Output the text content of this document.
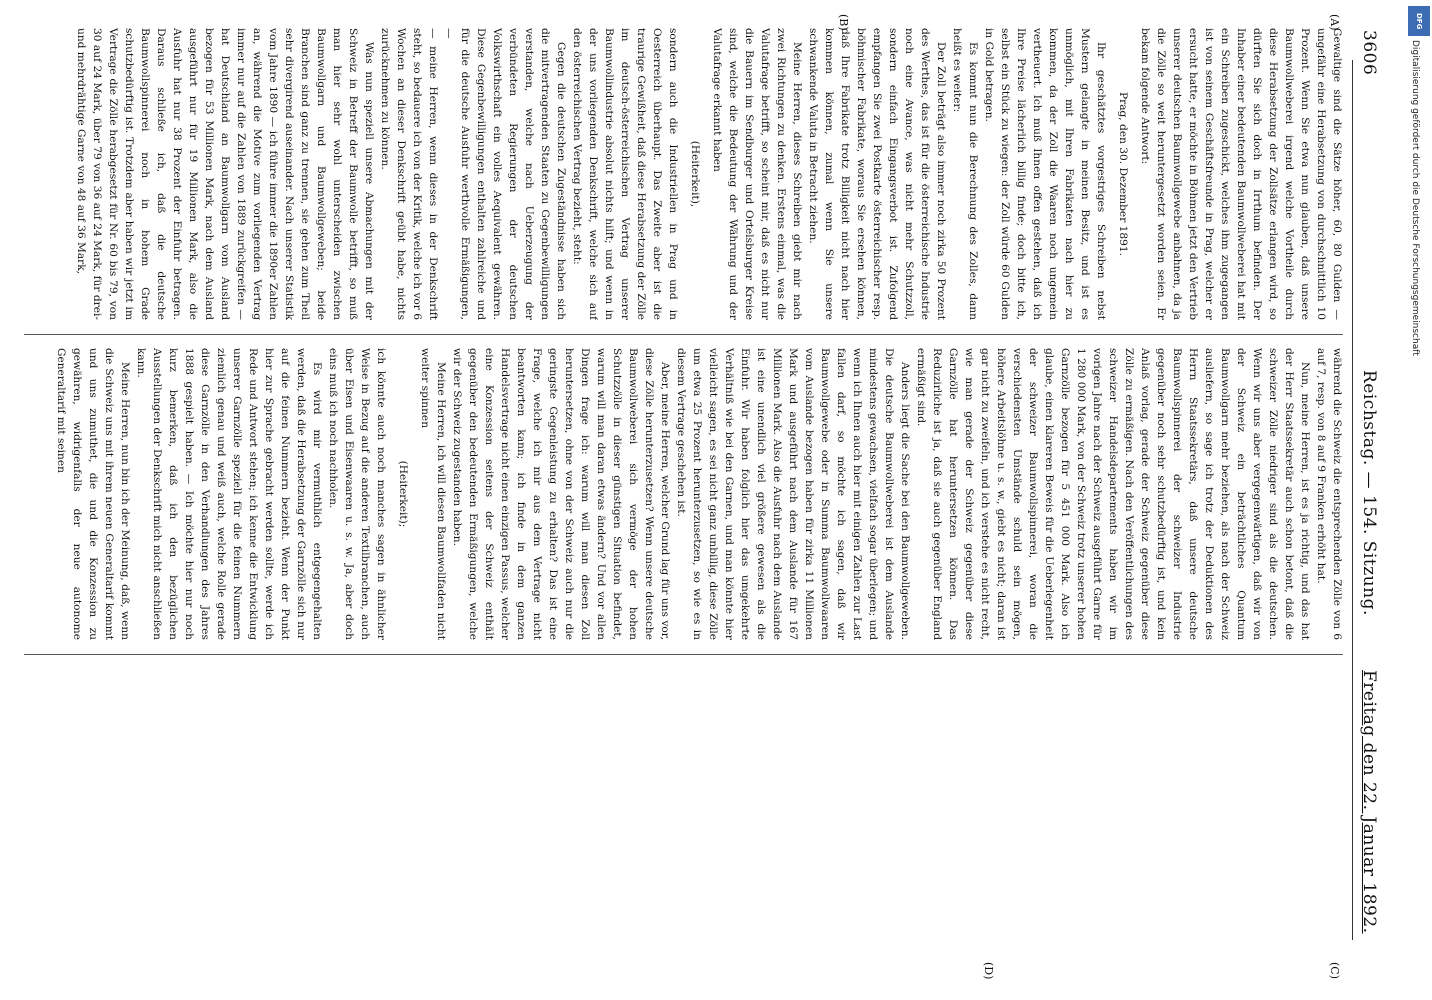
3606
Reichstag. — 154. Sitzung.
Freitag den 22. Januar 1892.
(A)
(B)
(C)
(D)

Gewaltige sind die Sätze höher, 60, 80 Gulden — ungefähr eine Herabsetzung von durchschnittlich 10 Prozent. Wenn Sie etwa nun glauben, daß unsere Baumwollweberei irgend welche Vortheile durch diese Herabsetzung der Zollsätze erlangen wird, so dürften Sie sich doch in Irrthum befinden. Der Inhaber einer bedeutenden Baumwollweberei hat mit ein Schreiben zugeschickt, welches ihm zugegangen ist von seinem Geschäftsfreunde in Prag, welcher er ersucht hatte, er möchte in Böhmen jetzt den Vertrieb unserer deutschen Baumwollgewebe anbahnen, da ja die Zölle so weit heruntergesetzt worden seien. Er bekam folgende Antwort:

Prag, den 30. Dezember 1891.

Ihr geschätztes vorgestriges Schreiben nebst Mustern gelangte in meinen Besitz, und ist es unmöglich, mit Ihren Fabrikaten nach hier zu kommen, da der Zoll die Waaren noch ungemein vertheuert. Ich muß Ihnen offen gestehen, daß ich Ihre Preise lächerlich billig finde; doch bitte ich, selbst ein Stück zu wiegen: der Zoll würde 60 Gulden in Gold betragen.

Es kommt nun die Berechnung des Zolles, dann heißt es weiter:

Der Zoll beträgt also immer noch zirka 50 Prozent des Werthes, das ist für die österreichische Industrie noch eine Avance, was nicht mehr Schutzzoll, sondern einfach Eingangsverbot ist. Zufolgend empfangen Sie zwei Postkarte österreichischer resp. böhmischer Fabrikate, woraus Sie ersehen können, daß Ihre Fabrikate trotz Billigkeit nicht nach hier kommen können, zumal wenn Sie unsere schwankende Valuta in Betracht ziehen.

Meine Herren, dieses Schreiben giebt mir nach zwei Richtungen zu denken. Erstens einmal, was die Valutafrage betrifft, so scheint mir, daß es nicht nur die Bauern im Sendburger und Ortelsburger Kreise sind, welche die Bedeutung der Währung und der Valutafrage erkannt haben

(Heiterkeit),

sondern auch die Industriellen in Prag und in Oesterreich überhaupt. Das Zweite aber ist die traurige Gewißheit, daß diese Herabsetzung der Zölle im deutsch-österreichischen Vertrag unserer Baumwollindustrie absolut nichts hilft; und wenn in der uns vorliegenden Denkschrift, welche sich auf den österreichischen Vertrag bezieht, steht:

Gegen die deutschen Zugeständnisse haben sich die mitvertragenden Staaten zu Gegenbewilligungen verstanden, welche nach Ueberzeugung der verbündeten Regierungen der deutschen Volkswirthschaft ein volles Aequivalent gewähren. Diese Gegenbewilligungen enthalten zahlreiche und für die deutsche Ausfuhr werthvolle Ermäßigungen, —

— meine Herren, wenn dieses in der Denkschrift steht, so bedauere ich von der Kritik, welche ich vor 6 Wochen an dieser Denkschrift geübt habe, nichts zurücknehmen zu können.

Was nun speziell unsere Abmachungen mit der Schweiz in Betreff der Baumwolle betrifft, so muß man hier sehr wohl unterscheiden zwischen Baumwollgarn und Baumwollgeweben; beide Branchen sind ganz zu trennen, sie gehen zum Theil sehr divergirend auseinander. Nach unserer Statistik vom Jahre 1890 — ich führe immer die 1890er Zahlen an, während die Motive zum vorliegenden Vertrag immer nur auf die Zahlen von 1889 zurückgreifen — hat Deutschland an Baumwollgarn vom Ausland bezogen für 53 Millionen Mark, nach dem Ausland ausgeführt nur für 19 Millionen Mark, also die Ausfuhr hat nur 38 Prozent der Einfuhr betragen. Daraus schließe ich, daß die deutsche Baumwollspinnerei noch in hohem Grade schutzbedürftig ist. Trotzdem aber haben wir jetzt im Vertrage die Zölle herabgesetzt für Nr. 60 bis 79, von 30 auf 24 Mark, über 79 von 36 auf 24 Mark, für drei- und mehrdrähtige Garne von 48 auf 36 Mark,

während die Schweiz die entsprechenden Zölle von 6 auf 7, resp. von 8 auf 9 Franken erhöht hat.

Nun, meine Herren, ist es ja richtig, und das hat der Herr Staatssekretär auch schon betont, daß die schweizer Zölle niedriger sind als die deutschen. Wenn wir uns aber vergegenwärtigen, daß wir von der Schweiz ein beträchtliches Quantum Baumwollgarn mehr beziehen, als nach der Schweiz ausliefern, so sage ich trotz der Deduktionen des Herrn Staatssekretärs, daß unsere deutsche Baumwollspinnerei der schweizer Industrie gegenüber noch sehr schutzbedürftig ist, und kein Anlaß vorlag, gerade der Schweiz gegenüber diese Zölle zu ermäßigen. Nach den Veröffentlichungen des schweizer Handelsdepartements haben wir im vorigen Jahre nach der Schweiz ausgeführt Garne für 1 280 000 Mark, von der Schweiz trotz unserer hohen Garnzölle bezogen für 5 451 000 Mark. Also ich glaube, einen klareren Beweis für die Ueberlegenheit der schweizer Baumwollspinnerei, woran die verschiedensten Umstände schuld sein mögen, höhere Arbeitslöhne u. s. w., giebt es nicht; daran ist gar nicht zu zweifeln, und ich verstehe es nicht recht, wie man gerade der Schweiz gegenüber diese Garnzölle hat heruntersetzen können. Das Reduzirliche ist ja, daß sie auch gegenüber England ermäßigt sind.

Anders liegt die Sache bei den Baumwollgeweben. Die deutsche Baumwollweberei ist dem Auslande mindestens gewachsen, vielfach sogar überlegen; und wenn ich Ihnen auch hier mit einigen Zahlen zur Last fallen darf, so möchte ich sagen, daß wir Baumwollgewebe oder in Summa Baumwollwaaren vom Auslande bezogen haben für zirka 11 Millionen Mark und ausgeführt nach dem Auslande für 167 Millionen Mark. Also die Ausfuhr nach dem Auslande ist eine unendlich viel größere gewesen als die Einfuhr. Wir haben folglich hier das umgekehrte Verhältniß wie bei den Garnen, und man könnte hier vielleicht sagen, es sei nicht ganz unbillig, diese Zölle um etwa 25 Prozent herunterzusetzen, so wie es in diesem Vertrage geschehen ist.

Aber, meine Herren, welcher Grund lag für uns vor, diese Zölle herunterzusetzen? Wenn unsere deutsche Baumwollweberei sich vermöge der hohen Schutzzölle in dieser günstigen Situation befindet, warum will man daran etwas ändern? Und vor allen Dingen frage ich: warum will man diesen Zoll heruntersetzen, ohne von der Schweiz auch nur die geringste Gegenleistung zu erhalten? Das ist eine Frage, welche ich mir aus dem Vertrage nicht beantworten kann; ich finde in dem ganzen Handelsvertrage nicht einen einzigen Passus, welcher eine Konzession seitens der Schweiz enthält gegenüber den bedeutenden Ermäßigungen, welche wir der Schweiz zugestanden haben.

Meine Herren, ich will diesen Baumwollfaden nicht weiter spinnen

(Heiterkeit);

ich könnte auch noch manches sagen in ähnlicher Weise in Bezug auf die anderen Textilbranchen, auch über Eisen und Eisenwaaren u. s. w. Ja, aber doch eins muß ich noch nachholen.

Es wird mir vermuthlich entgegengehalten werden, daß die Herabsetzung der Garnzölle sich nur auf die feinen Nummern bezieht. Wenn der Punkt hier zur Sprache gebracht werden sollte, werde ich Rede und Antwort stehen; ich kenne die Entwicklung unserer Garnzölle speziell für die feinen Nummern ziemlich genau und weiß auch, welche Rolle gerade diese Garnzölle in den Verhandlungen des Jahres 1888 gespielt haben. — Ich möchte hier nur noch kurz bemerken, daß ich den bezüglichen Ausstellungen der Denkschrift mich nicht anschließen kann.

Meine Herren, nun bin ich der Meinung, daß, wenn die Schweiz uns mit ihrem neuen Generaltarif kommt und uns zumuthet, die und die Konzession zu gewähren, widrigenfalls der neue autonome Generaltarif mit seinen

DFG
Digitalisierung gefördert durch die Deutsche Forschungsgemeinschaft
